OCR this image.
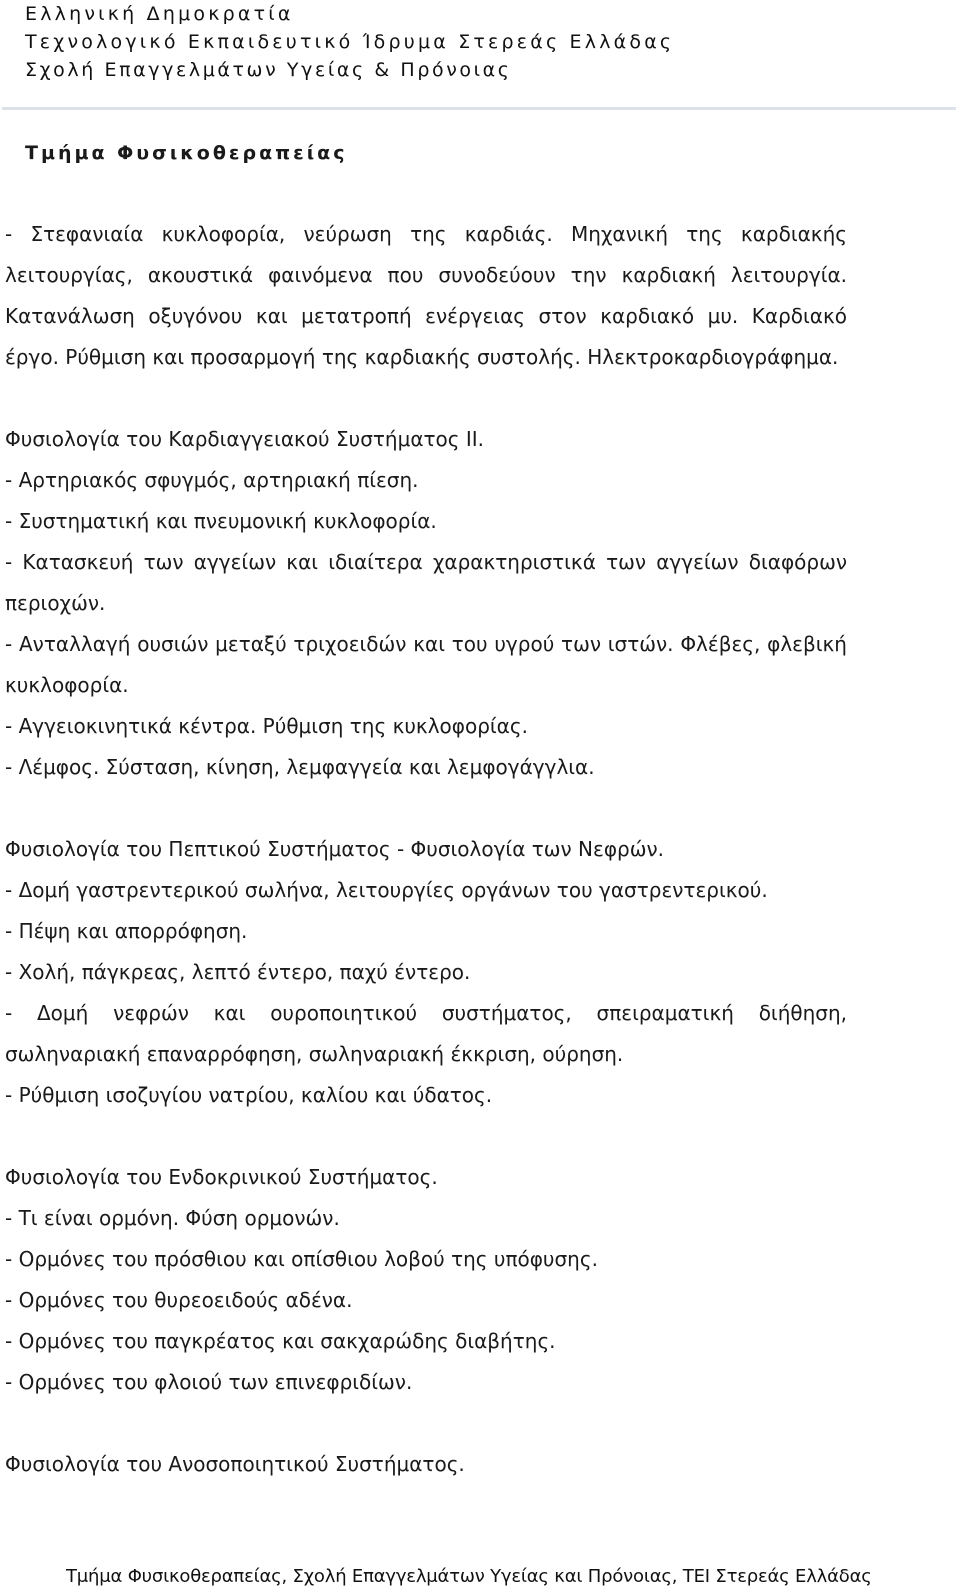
Ελληνική Δημοκρατία
Τεχνολογικό Εκπαιδευτικό Ίδρυμα Στερεάς Ελλάδας
Σχολή Επαγγελμάτων Υγείας & Πρόνοιας
Τμήμα Φυσικοθεραπείας

- Στεφανιαία κυκλοφορία, νεύρωση της καρδιάς. Μηχανική της καρδιακής λειτουργίας, ακουστικά φαινόμενα που συνοδεύουν την καρδιακή λειτουργία. Κατανάλωση οξυγόνου και μετατροπή ενέργειας στον καρδιακό μυ. Καρδιακό έργο. Ρύθμιση και προσαρμογή της καρδιακής συστολής. Ηλεκτροκαρδιογράφημα.

Φυσιολογία του Καρδιαγγειακού Συστήματος ΙΙ.

- Αρτηριακός σφυγμός, αρτηριακή πίεση.

- Συστηματική και πνευμονική κυκλοφορία.

- Κατασκευή των αγγείων και ιδιαίτερα χαρακτηριστικά των αγγείων διαφόρων περιοχών.

- Ανταλλαγή ουσιών μεταξύ τριχοειδών και του υγρού των ιστών. Φλέβες, φλεβική κυκλοφορία.

- Αγγειοκινητικά κέντρα. Ρύθμιση της κυκλοφορίας.

- Λέμφος. Σύσταση, κίνηση, λεμφαγγεία και λεμφογάγγλια.

Φυσιολογία του Πεπτικού Συστήματος - Φυσιολογία των Νεφρών.

- Δομή γαστρεντερικού σωλήνα, λειτουργίες οργάνων του γαστρεντερικού.

- Πέψη και απορρόφηση.

- Χολή, πάγκρεας, λεπτό έντερο, παχύ έντερο.

- Δομή νεφρών και ουροποιητικού συστήματος, σπειραματική διήθηση, σωληναριακή επαναρρόφηση, σωληναριακή έκκριση, ούρηση.

- Ρύθμιση ισοζυγίου νατρίου, καλίου και ύδατος.

Φυσιολογία του Ενδοκρινικού Συστήματος.

- Τι είναι ορμόνη. Φύση ορμονών.

- Ορμόνες του πρόσθιου και οπίσθιου λοβού της υπόφυσης.

- Ορμόνες του θυρεοειδούς αδένα.

- Ορμόνες του παγκρέατος και σακχαρώδης διαβήτης.

- Ορμόνες του φλοιού των επινεφριδίων.

Φυσιολογία του Ανοσοποιητικού Συστήματος.

Τμήμα Φυσικοθεραπείας, Σχολή Επαγγελμάτων Υγείας και Πρόνοιας, ΤΕΙ Στερεάς Ελλάδας
